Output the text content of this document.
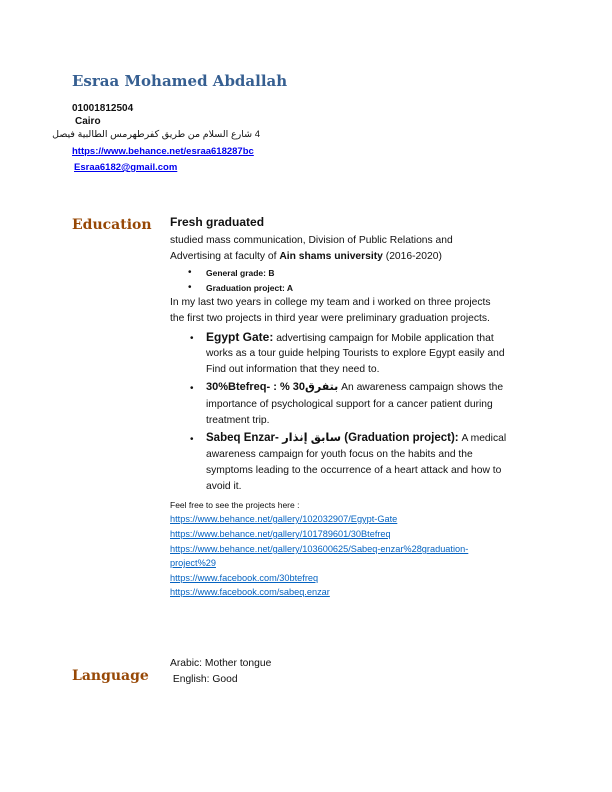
Esraa Mohamed Abdallah
01001812504
Cairo
4 شارع السلام من طريق كفرطهرمس الطالبية فيصل
https://www.behance.net/esraa618287bc
Esraa6182@gmail.com
Education Fresh graduated
studied mass communication, Division of Public Relations and
Advertising at faculty of Ain shams university (2016-2020)
• General grade: B
• Graduation project: A
In my last two years in college my team and i worked on three projects
the first two projects in third year were preliminary graduation projects.
• Egypt Gate: advertising campaign for Mobile application that
works as a tour guide helping Tourists to explore Egypt easily and
Find out information that they need to.
• 30%Btefreq- : % 30بتفرق An awareness campaign shows the
importance of psychological support for a cancer patient during
treatment trip.
• Sabeq Enzar- سابق إنذار (Graduation project): A medical
awareness campaign for youth focus on the habits and the
symptoms leading to the occurrence of a heart attack and how to
avoid it.
Feel free to see the projects here :
https://www.behance.net/gallery/102032907/Egypt-Gate
https://www.behance.net/gallery/101789601/30Btefreq
https://www.behance.net/gallery/103600625/Sabeq-enzar%28graduation-
project%29
https://www.facebook.com/30btefreq
https://www.facebook.com/sabeq.enzar
Language
Arabic: Mother tongue
English: Good
